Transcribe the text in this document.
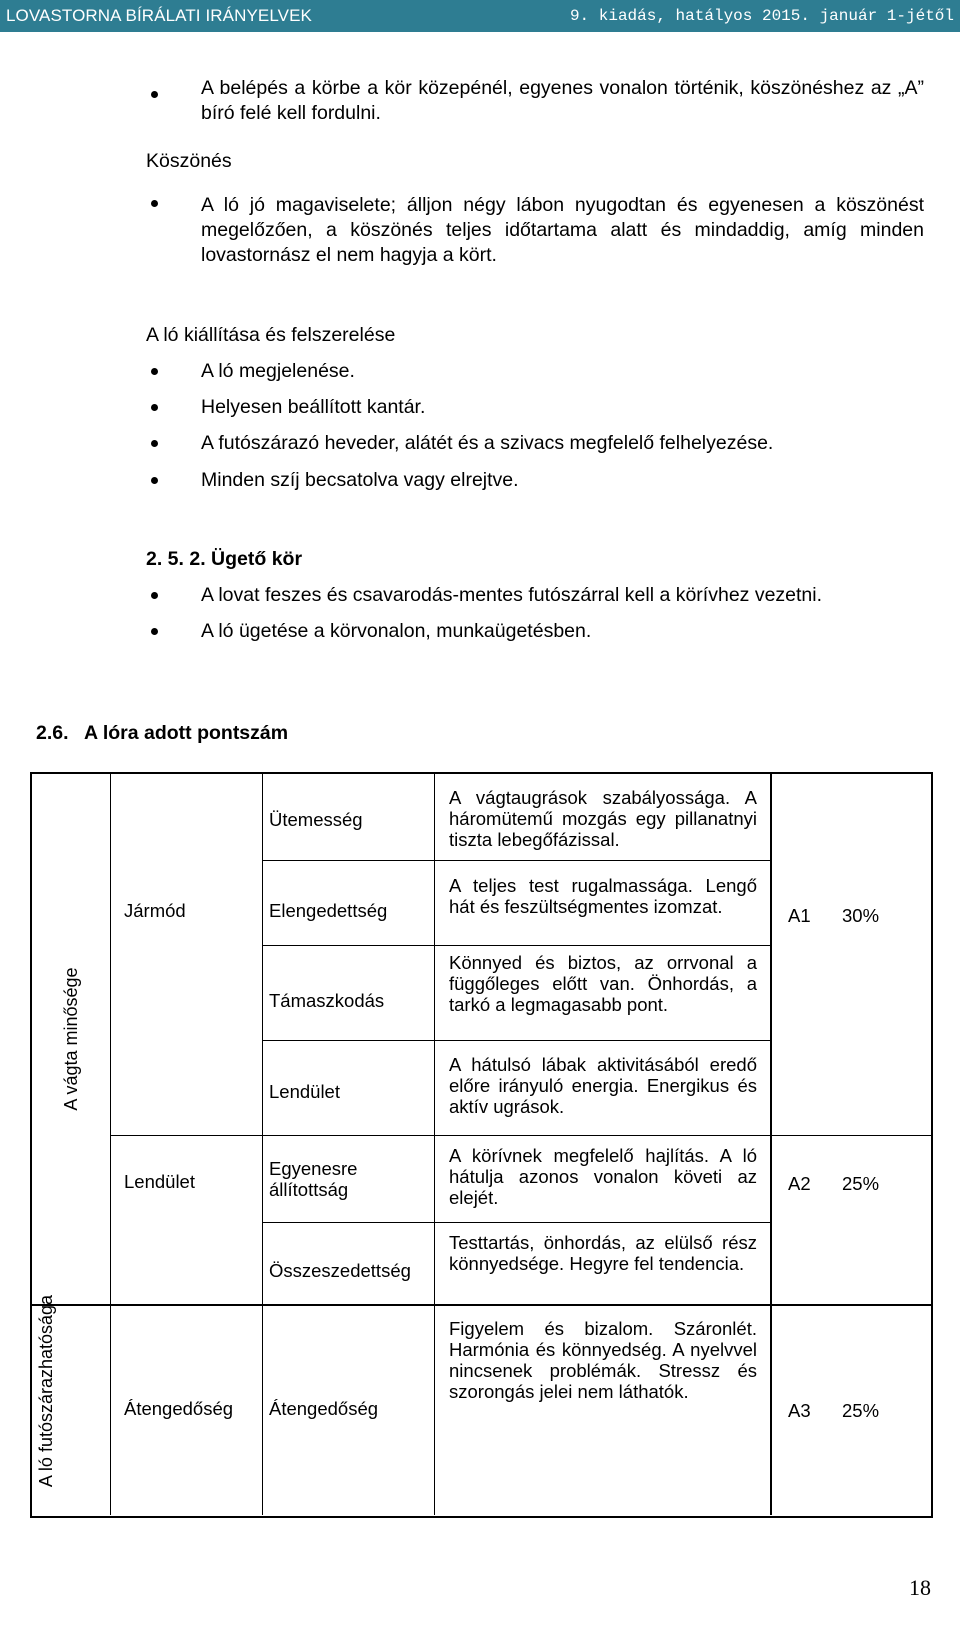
LOVASTORNA BÍRÁLATI IRÁNYELVEK	9. kiadás, hatályos 2015. január 1-jétől
A belépés a körbe a kör közepénél, egyenes vonalon történik, köszönéshez az „A” bíró felé kell fordulni.
Köszönés
A ló jó magaviselete; álljon négy lábon nyugodtan és egyenesen a köszönést megelőzően, a köszönés teljes időtartama alatt és mindaddig, amíg minden lovastornász el nem hagyja a kört.
A ló kiállítása és felszerelése
A ló megjelenése.
Helyesen beállított kantár.
A futószárazó heveder, alátét és a szivacs megfelelő felhelyezése.
Minden szíj becsatolva vagy elrejtve.
2. 5. 2. Ügető kör
A lovat feszes és csavarodás-mentes futószárral kell a körívhez vezetni.
A ló ügetése a körvonalon, munkaügetésben.
2.6.   A lóra adott pontszám
A vágta minősége
A ló futószárazhatósága
Jármód
Lendület
Átengedőség
Ütemesség
Elengedettség
Támaszkodás
Lendület
Egyenesre állítottság
Összeszedettség
Átengedőség
A vágtaugrások szabályossága. A háromütemű mozgás egy pillanatnyi tiszta lebegőfázissal.
A teljes test rugalmassága. Lengő hát és feszültségmentes izomzat.
Könnyed és biztos, az orrvonal a függőleges előtt van. Önhordás, a tarkó a legmagasabb pont.
A hátulsó lábak aktivitásából eredő előre irányuló energia. Energikus és aktív ugrások.
A körívnek megfelelő hajlítás. A ló hátulja azonos vonalon követi az elejét.
Testtartás, önhordás, az elülső rész könnyedsége. Hegyre fel tendencia.
Figyelem és bizalom. Száronlét. Harmónia és könnyedség. A nyelvvel nincsenek problémák. Stressz és szorongás jelei nem láthatók.
A1 30%
A2 25%
A3 25%
18
